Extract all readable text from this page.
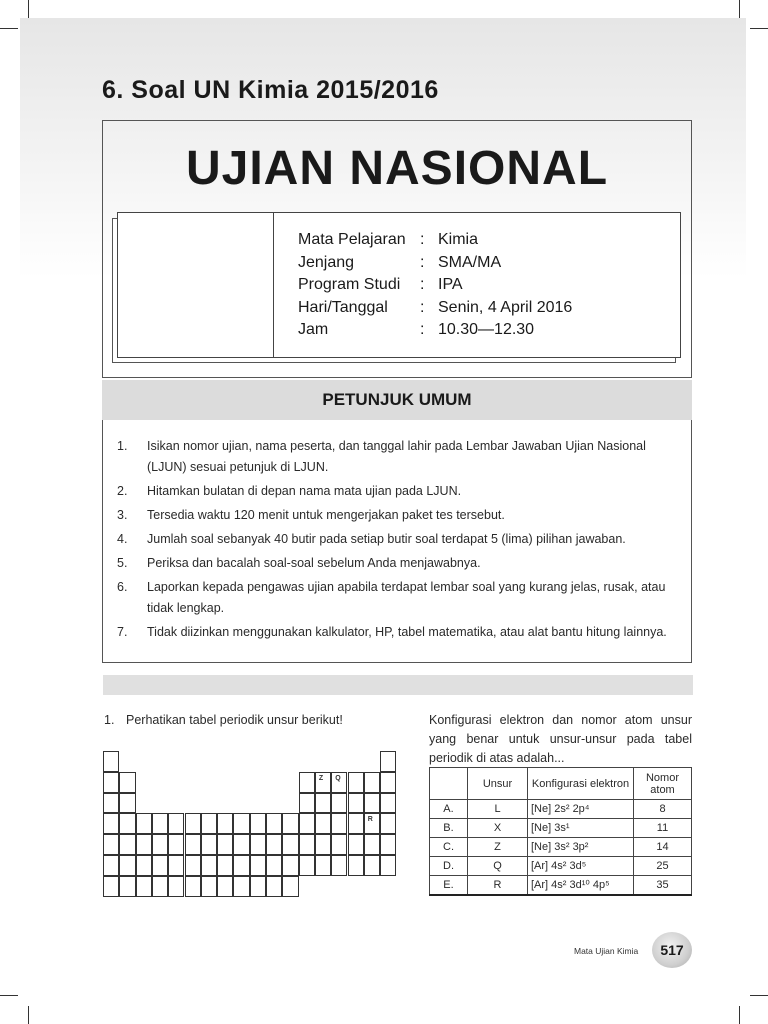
6. Soal UN Kimia 2015/2016
UJIAN NASIONAL
Mata Pelajaran : Kimia
Jenjang	: SMA/MA
Program Studi	: IPA
Hari/Tanggal	: Senin, 4 April 2016
Jam	: 10.30—12.30
PETUNJUK UMUM
1.	Isikan nomor ujian, nama peserta, dan tanggal lahir pada Lembar Jawaban Ujian Nasional (LJUN) sesuai petunjuk di LJUN.
2.	Hitamkan bulatan di depan nama mata ujian pada LJUN.
3.	Tersedia waktu 120 menit untuk mengerjakan paket tes tersebut.
4.	Jumlah soal sebanyak 40 butir pada setiap butir soal terdapat 5 (lima) pilihan jawaban.
5.	Periksa dan bacalah soal-soal sebelum Anda menjawabnya.
6.	Laporkan kepada pengawas ujian apabila terdapat lembar soal yang kurang jelas, rusak, atau tidak lengkap.
7.	Tidak diizinkan menggunakan kalkulator, HP, tabel matematika, atau alat bantu hitung lainnya.
1. Perhatikan tabel periodik unsur berikut!
Z Q
R
Konfigurasi elektron dan nomor atom unsur yang benar untuk unsur-unsur pada tabel periodik di atas adalah...
	Unsur	Konfigurasi elektron	Nomor atom
A.	L	[Ne] 2s² 2p⁴	8
B.	X	[Ne] 3s¹	11
C.	Z	[Ne] 3s² 3p²	14
D.	Q	[Ar] 4s² 3d⁵	25
E.	R	[Ar] 4s² 3d¹⁰ 4p⁵	35
Mata Ujian Kimia	517
